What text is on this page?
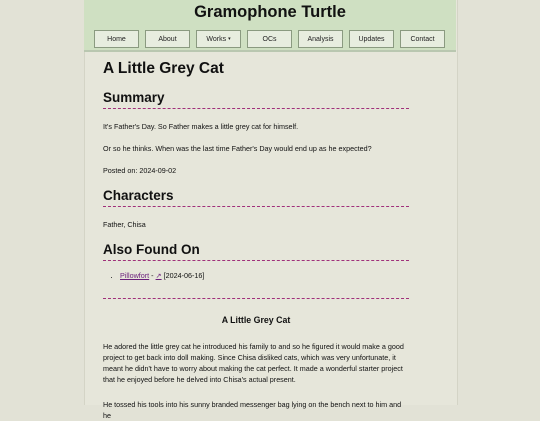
Gramophone Turtle
Home	About	Works ▾	OCs	Analysis	Updates	Contact
A Little Grey Cat
Summary

It's Father's Day. So Father makes a little grey cat for himself.

Or so he thinks. When was the last time Father's Day would end up as he expected?

Posted on: 2024-09-02

Characters

Father, Chisa

Also Found On
• Pillowfort - ↗ [2024-06-16]
A Little Grey Cat

He adored the little grey cat he introduced his family to and so he figured it would make a good project to get back into doll making. Since Chisa disliked cats, which was very unfortunate, it meant he didn't have to worry about making the cat perfect. It made a wonderful starter project that he enjoyed before he delved into Chisa's actual present.

He tossed his tools into his sunny branded messenger bag lying on the bench next to him and he
